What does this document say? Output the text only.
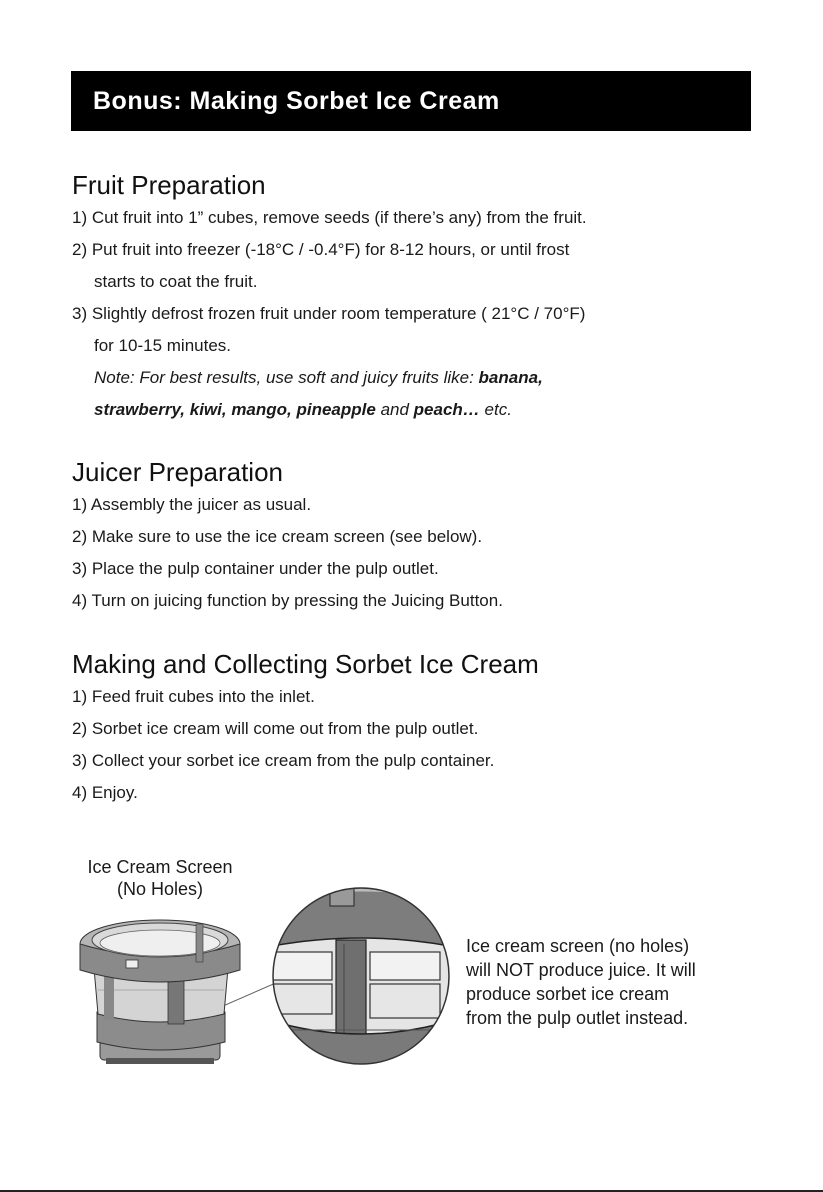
Bonus: Making Sorbet Ice Cream
Fruit Preparation

1) Cut fruit into 1” cubes, remove seeds (if there’s any) from the fruit.

2) Put fruit into freezer (-18°C / -0.4°F) for 8-12 hours, or until frost

starts to coat the fruit.

3) Slightly defrost frozen fruit under room temperature ( 21°C / 70°F)

for 10-15 minutes.

Note: For best results, use soft and juicy fruits like: banana,

strawberry, kiwi, mango, pineapple and peach… etc.

Juicer Preparation

1) Assembly the juicer as usual.

2) Make sure to use the ice cream screen (see below).

3) Place the pulp container under the pulp outlet.

4) Turn on juicing function by pressing the Juicing Button.

Making and Collecting Sorbet Ice Cream

1) Feed fruit cubes into the inlet.

2) Sorbet ice cream will come out from the pulp outlet.

3) Collect your sorbet ice cream from the pulp container.

4) Enjoy.

Ice Cream Screen
(No Holes)
Ice cream screen (no holes)
will NOT produce juice. It will
produce sorbet ice cream
from the pulp outlet instead.
